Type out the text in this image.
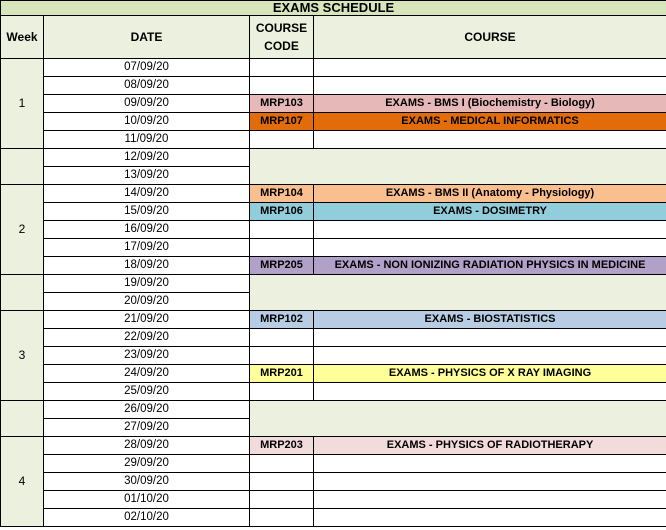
EXAMS SCHEDULE			
Week	DATE	COURSE CODE	COURSE
1	07/09/20		
	08/09/20		
	09/09/20	MRP103	EXAMS - BMS I (Biochemistry - Biology)
	10/09/20	MRP107	EXAMS - MEDICAL INFORMATICS
	11/09/20		
	12/09/20		
	13/09/20		
2	14/09/20	MRP104	EXAMS - BMS II (Anatomy - Physiology)
	15/09/20	MRP106	EXAMS - DOSIMETRY
	16/09/20		
	17/09/20		
	18/09/20	MRP205	EXAMS - NON IONIZING RADIATION PHYSICS IN MEDICINE
	19/09/20		
	20/09/20		
3	21/09/20	MRP102	EXAMS - BIOSTATISTICS
	22/09/20		
	23/09/20		
	24/09/20	MRP201	EXAMS - PHYSICS OF X RAY IMAGING
	25/09/20		
	26/09/20		
	27/09/20		
4	28/09/20	MRP203	EXAMS - PHYSICS OF RADIOTHERAPY
	29/09/20		
	30/09/20		
	01/10/20		
	02/10/20		
